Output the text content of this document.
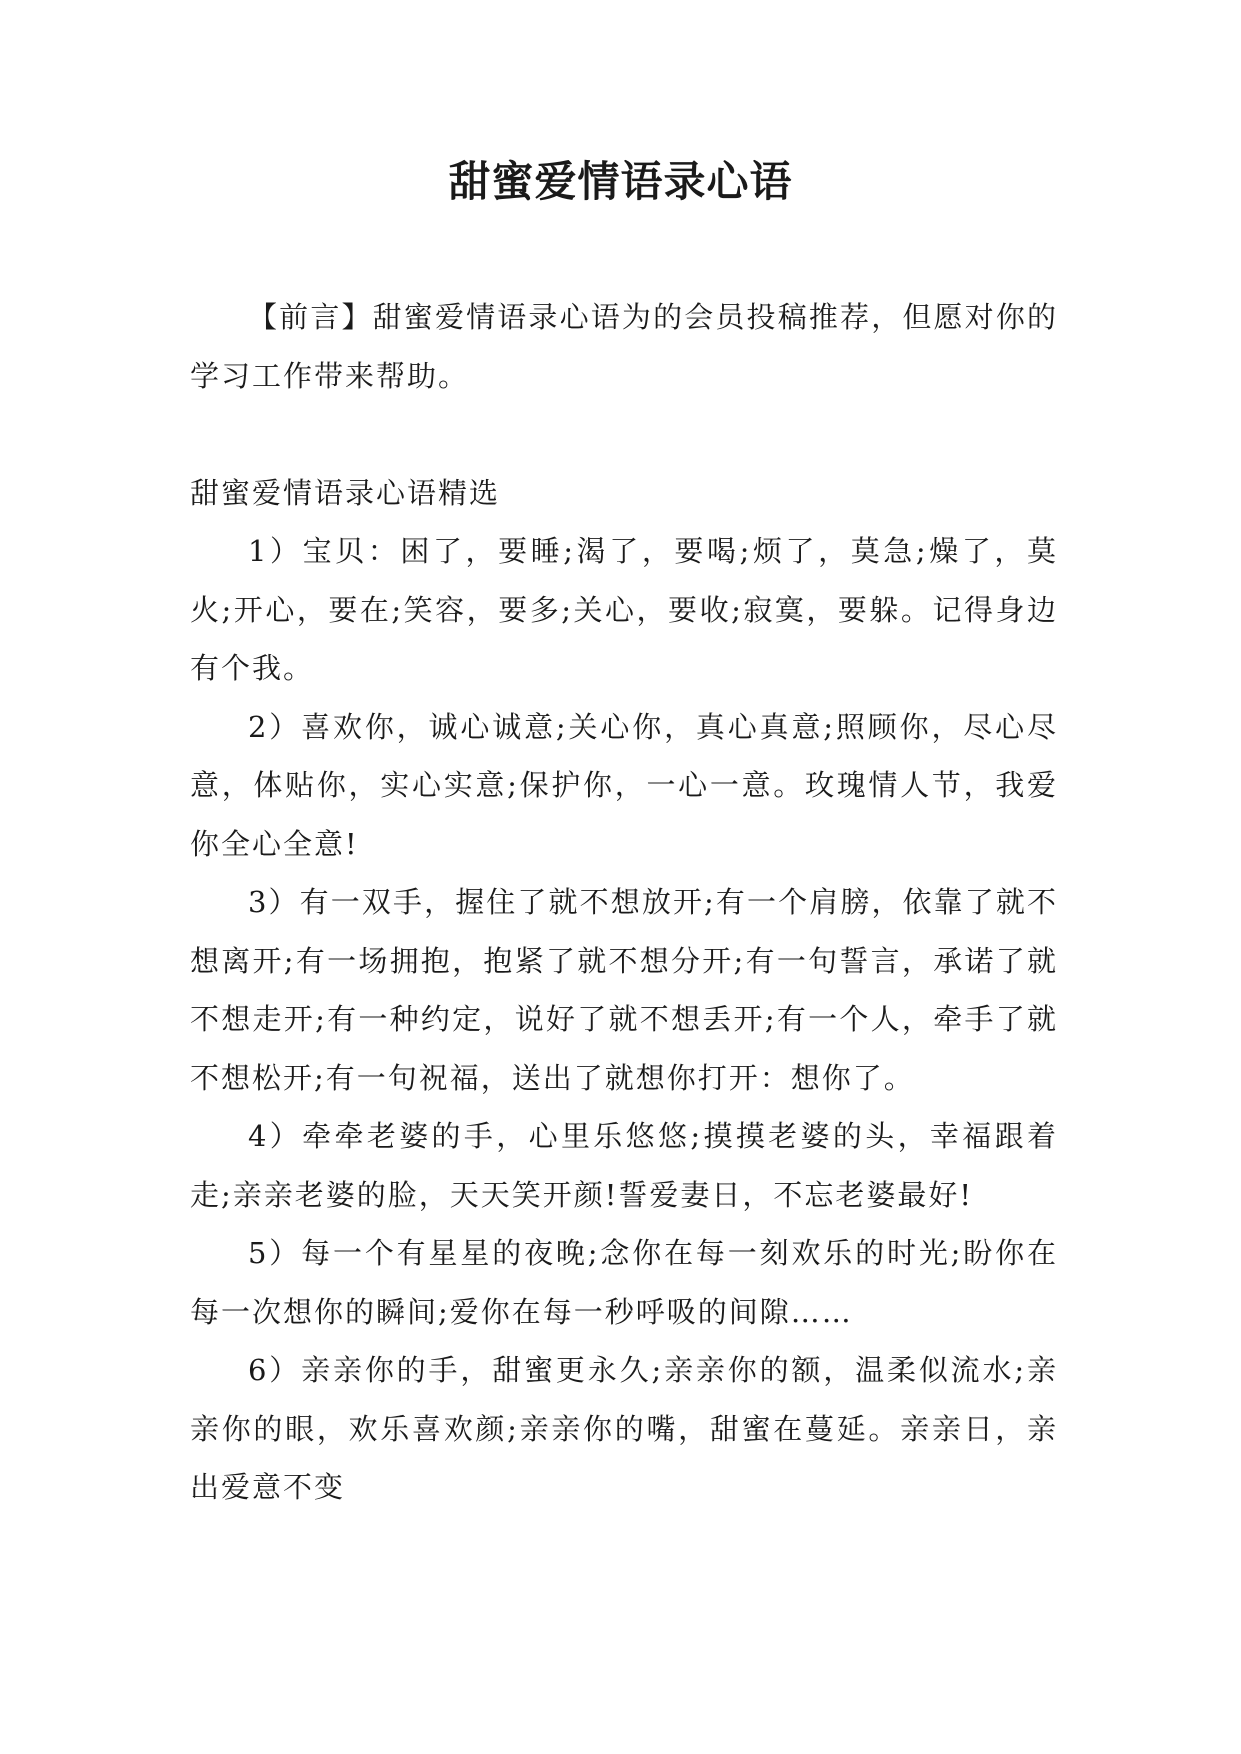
甜蜜爱情语录心语

【前言】甜蜜爱情语录心语为的会员投稿推荐，但愿对你的学习工作带来帮助。

甜蜜爱情语录心语精选

1）宝贝：困了，要睡;渴了，要喝;烦了，莫急;燥了，莫火;开心，要在;笑容，要多;关心，要收;寂寞，要躲。记得身边有个我。

2）喜欢你，诚心诚意;关心你，真心真意;照顾你，尽心尽意，体贴你，实心实意;保护你，一心一意。玫瑰情人节，我爱你全心全意!

3）有一双手，握住了就不想放开;有一个肩膀，依靠了就不想离开;有一场拥抱，抱紧了就不想分开;有一句誓言，承诺了就不想走开;有一种约定，说好了就不想丢开;有一个人，牵手了就不想松开;有一句祝福，送出了就想你打开：想你了。

4）牵牵老婆的手，心里乐悠悠;摸摸老婆的头，幸福跟着走;亲亲老婆的脸，天天笑开颜!誓爱妻日，不忘老婆最好!

5）每一个有星星的夜晚;念你在每一刻欢乐的时光;盼你在每一次想你的瞬间;爱你在每一秒呼吸的间隙……

6）亲亲你的手，甜蜜更永久;亲亲你的额，温柔似流水;亲亲你的眼，欢乐喜欢颜;亲亲你的嘴，甜蜜在蔓延。亲亲日，亲出爱意不变
